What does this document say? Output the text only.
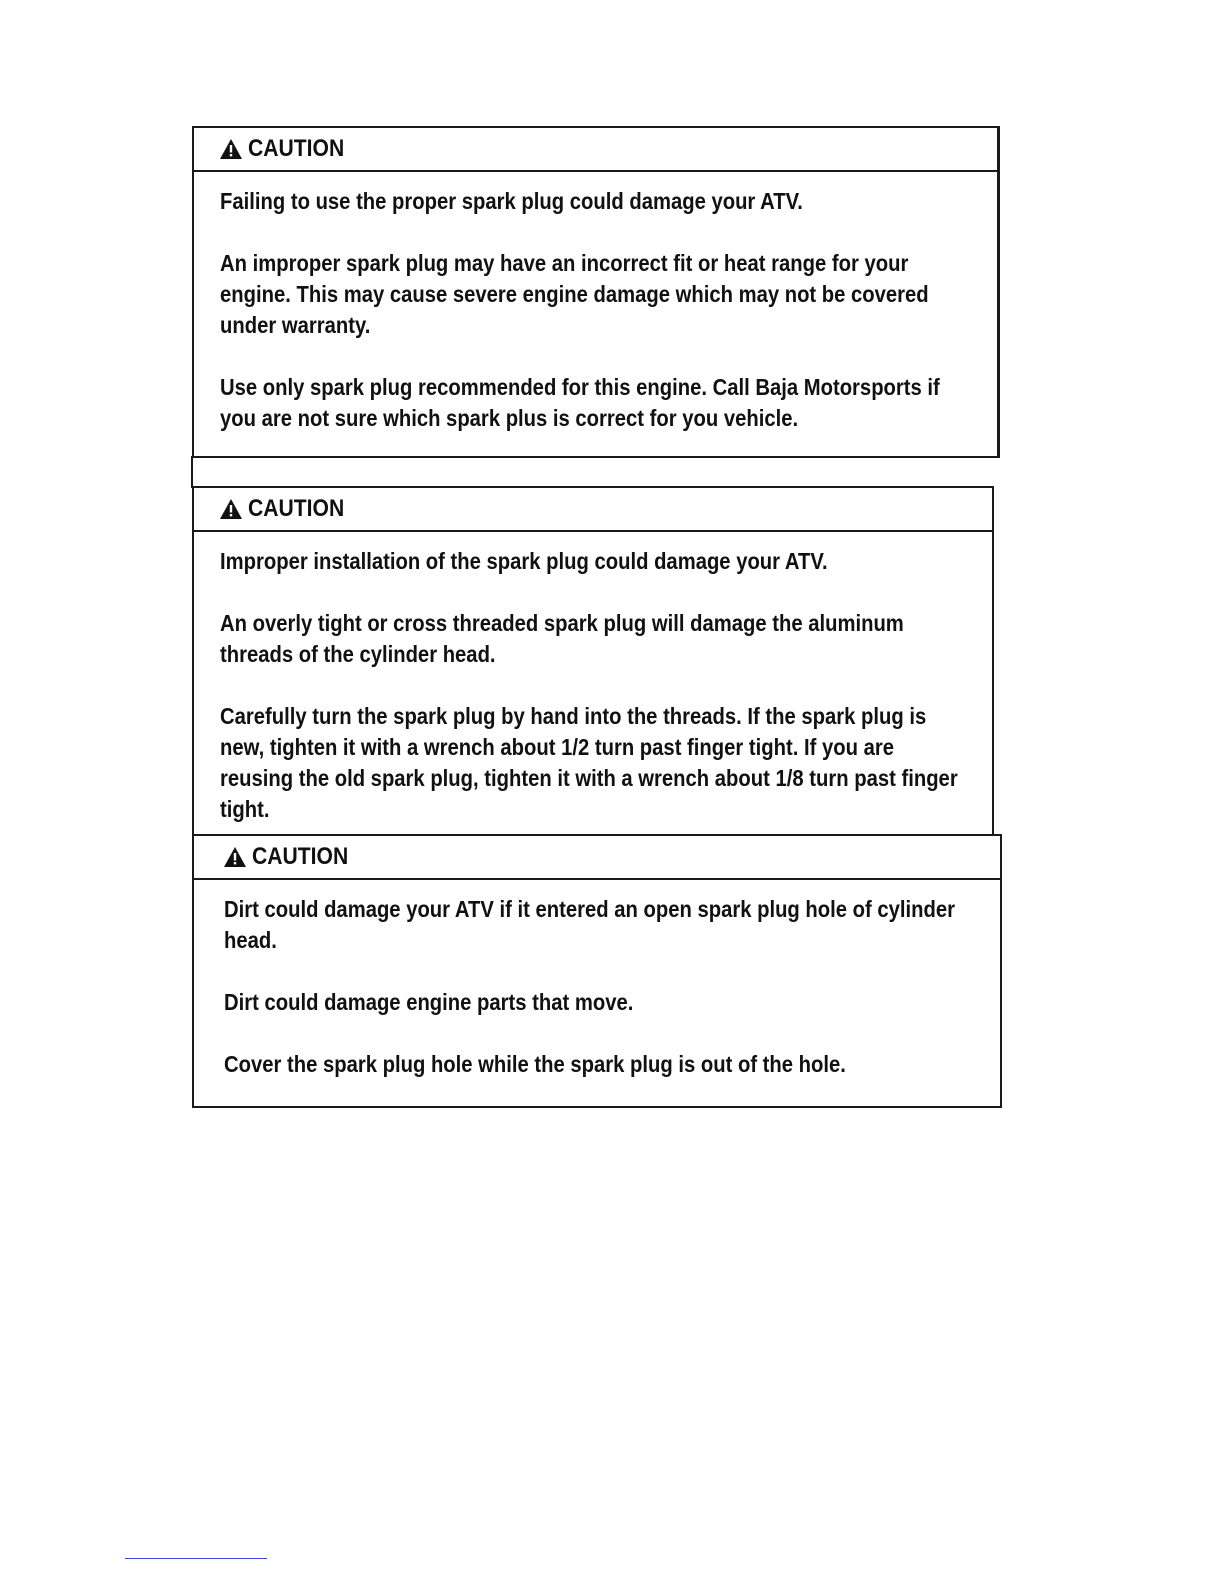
CAUTION

Failing to use the proper spark plug could damage your ATV.

An improper spark plug may have an incorrect fit or heat range for your engine. This may cause severe engine damage which may not be covered under warranty.

Use only spark plug recommended for this engine. Call Baja Motorsports if you are not sure which spark plus is correct for you vehicle.

CAUTION

Improper installation of the spark plug could damage your ATV.

An overly tight or cross threaded spark plug will damage the aluminum threads of the cylinder head.

Carefully turn the spark plug by hand into the threads. If the spark plug is new, tighten it with a wrench about 1/2 turn past finger tight. If you are reusing the old spark plug, tighten it with a wrench about 1/8 turn past finger tight.

CAUTION

Dirt could damage your ATV if it entered an open spark plug hole of cylinder head.

Dirt could damage engine parts that move.

Cover the spark plug hole while the spark plug is out of the hole.
